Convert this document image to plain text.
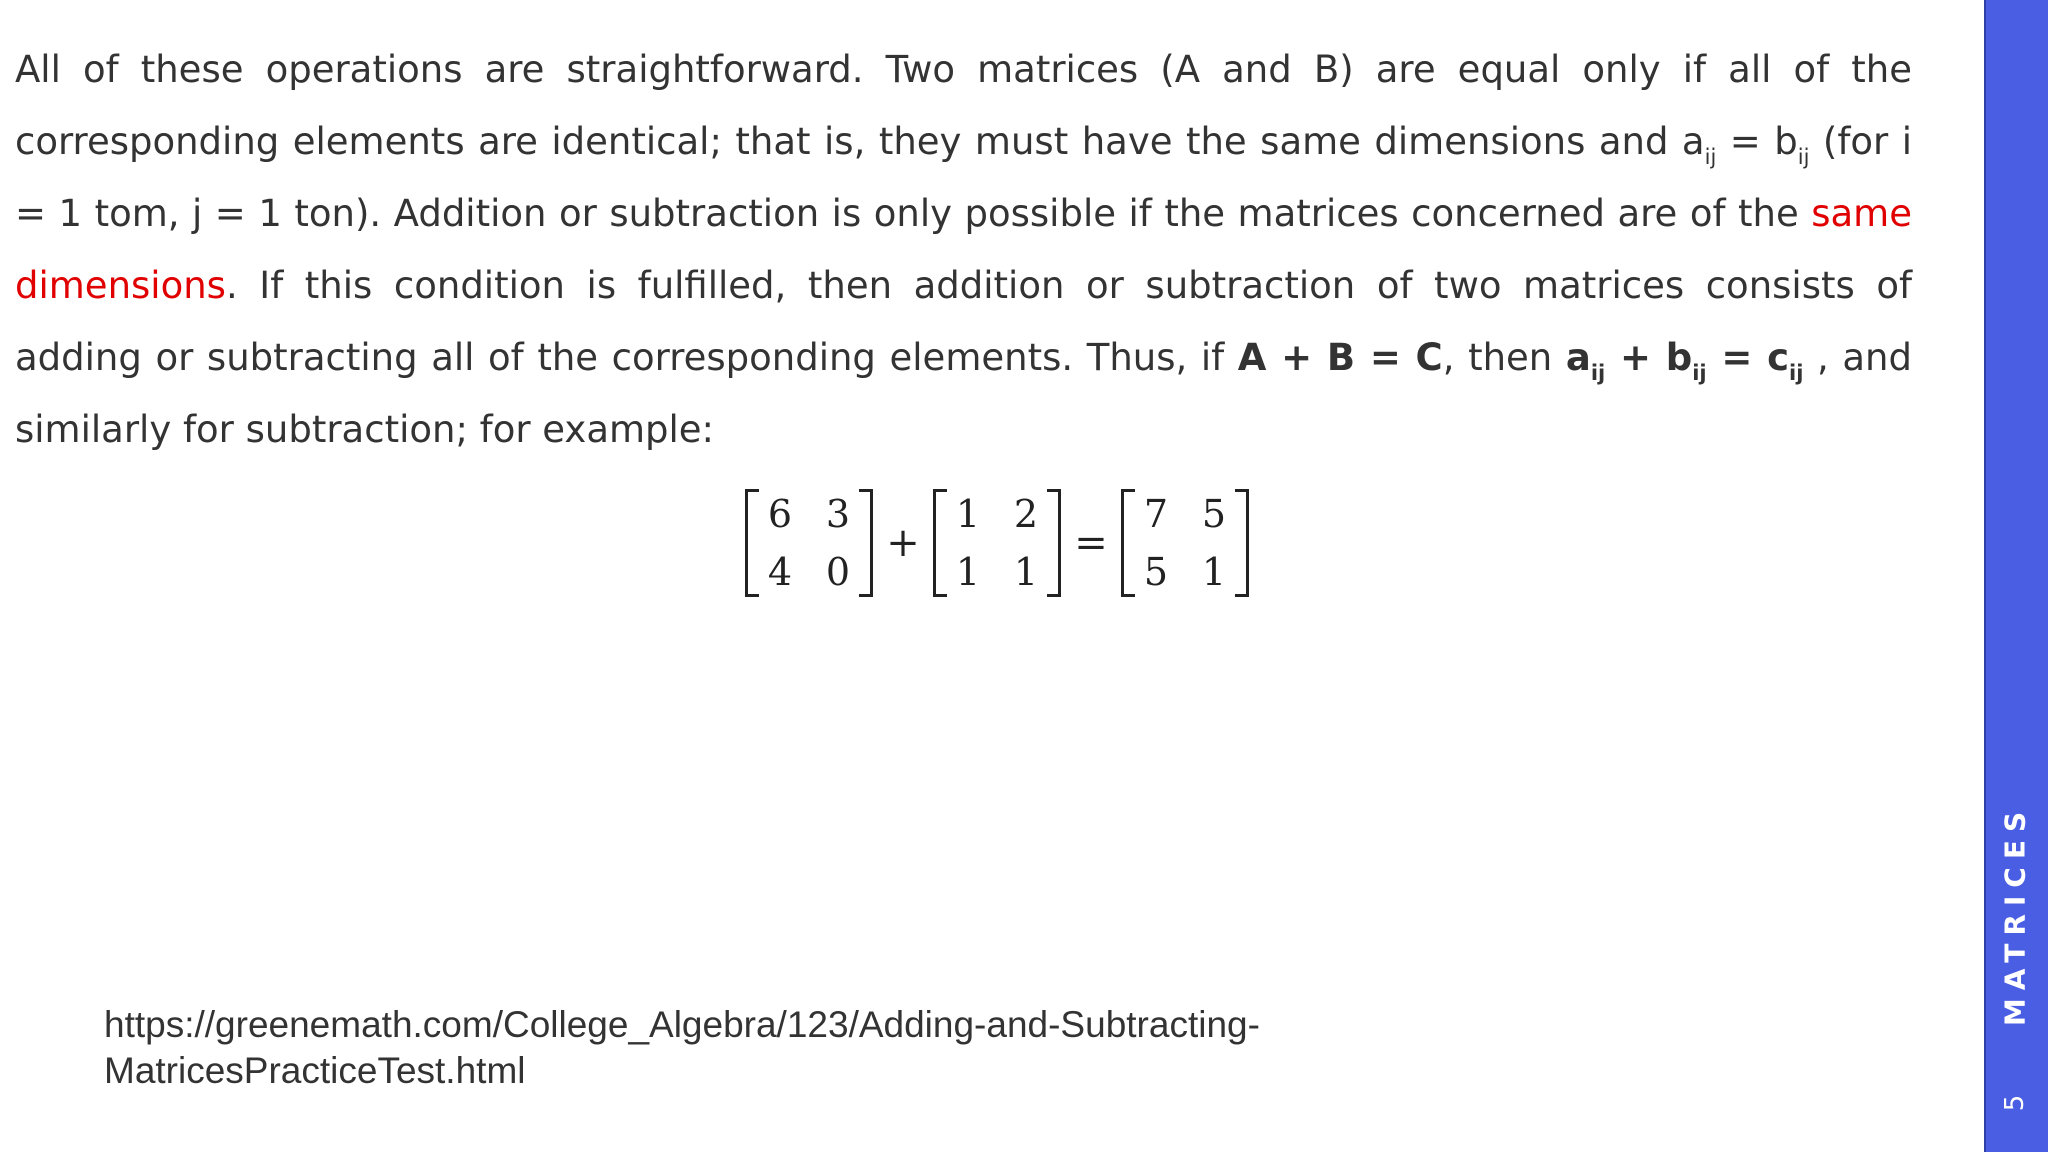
All of these operations are straightforward. Two matrices (A and B) are equal only if all of the corresponding elements are identical; that is, they must have the same dimensions and $a_{ij} = b_{ij}$ (for i = 1 tom, j = 1 ton). Addition or subtraction is only possible if the matrices concerned are of the same dimensions. If this condition is fulfilled, then addition or subtraction of two matrices consists of adding or subtracting all of the corresponding elements. Thus, if A + B = C, then $a_{ij} + b_{ij} = c_{ij}$ , and similarly for subtraction; for example:

6 3
4 0
+
1 2
1 1
=
7 5
5 1
https://greenemath.com/College_Algebra/123/Adding-and-Subtracting-MatricesPracticeTest.html
MATRICES
5
